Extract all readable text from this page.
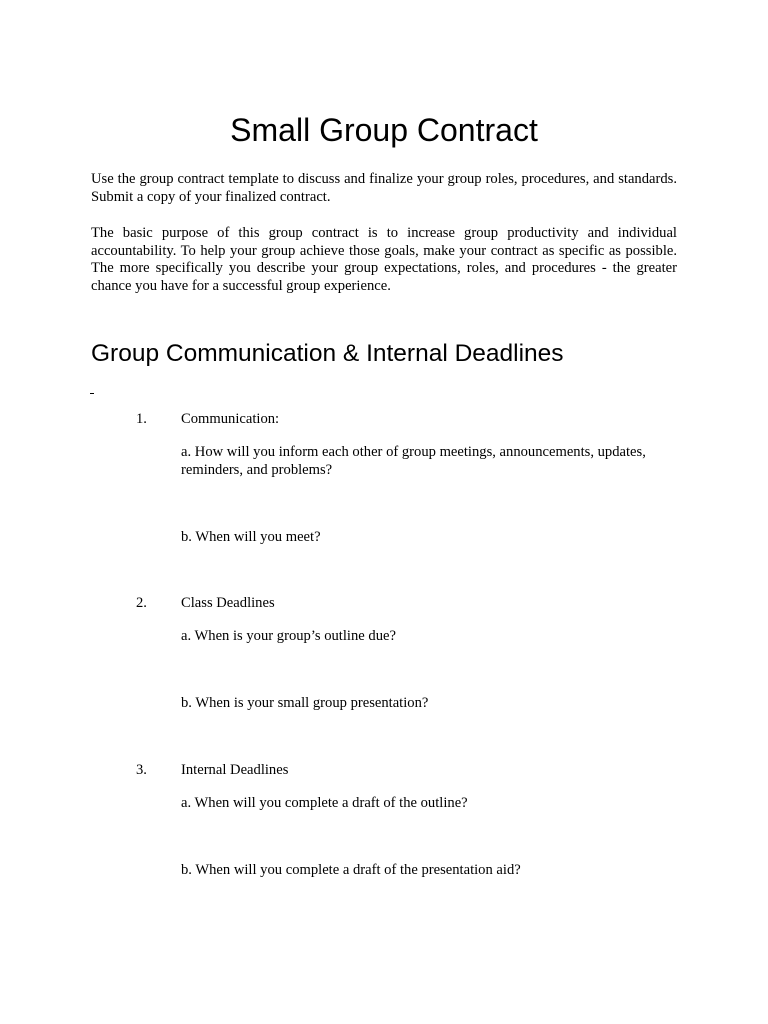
Small Group Contract

Use the group contract template to discuss and finalize your group roles, procedures, and standards. Submit a copy of your finalized contract.

The basic purpose of this group contract is to increase group productivity and individual accountability. To help your group achieve those goals, make your contract as specific as possible. The more specifically you describe your group expectations, roles, and procedures - the greater chance you have for a successful group experience.

Group Communication & Internal Deadlines
1. Communication:

a. How will you inform each other of group meetings, announcements, updates, reminders, and problems?

b. When will you meet?

2. Class Deadlines

a. When is your group’s outline due?

b. When is your small group presentation?

3. Internal Deadlines

a. When will you complete a draft of the outline?

b. When will you complete a draft of the presentation aid?
